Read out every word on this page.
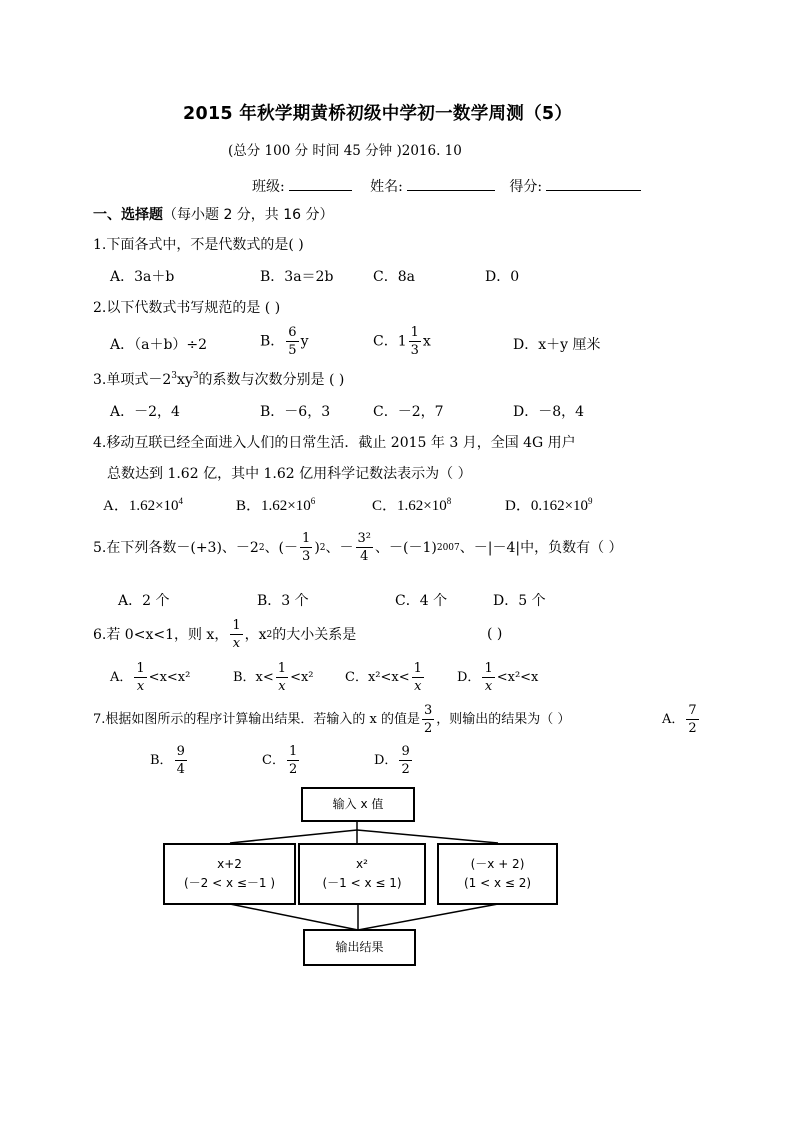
2015 年秋学期黄桥初级中学初一数学周测（5）
(总分 100 分 时间 45 分钟 )2016. 10
班级:	姓名:	得分:
一、选择题（每小题 2 分，共 16 分）
1.下面各式中，不是代数式的是( )
A．3a＋b	B．3a＝2b	C．8a	D．0
2.以下代数式书写规范的是 ( )
A．（a＋b）÷2	B． $\frac{6}{5}$ y	C．$1 \frac{1}{3}$ x	D．x＋y 厘米
3.单项式$-2^3xy^3$的系数与次数分别是 ( )
A．－2，4	B．－6，3	C．－2，7	D．－8，4
4.移动互联已经全面进入人们的日常生活．截止 2015 年 3 月，全国 4G 用户
总数达到 1.62 亿，其中 1.62 亿用科学记数法表示为（ ）
A．$1.62\times 10^4$	B．$1.62\times 10^6$	C．$1.62\times 10^8$	D．$0.162\times 10^9$
5.在下列各数 －(+3)、－2 2 、(－ $\frac{1}{3}$ ) 2 、－ $\frac{\text{3²}}{4}$ 、－(－1) 2007 、－|－4| 中，负数有（ ）
A．2 个	B．3 个	C．4 个	D．5 个
6.若 0<x<1，则 x， $\frac{1}{x}$ ，x 2 的大小关系是	( )
A． $\frac{1}{x} <x<x^2$	B．$x< \frac{1}{x} <x^2$ C．$x^2<x< \frac{1}{x}$	D． $\frac{1}{x} <x^2<x$
7.根据如图所示的程序计算输出结果．若输入的 x 的值是 $\frac{3}{2}$ ，则输出的结果为（ ）	A． $\frac{7}{2}$
B． $\frac{9}{4}$	C． $\frac{1}{2}$	D． $\frac{9}{2}$
输入 x 值
x+2
(－2 < x ≤－1 )
x²
(－1 < x ≤ 1)
(－x + 2)
(1 < x ≤ 2)
输出结果
